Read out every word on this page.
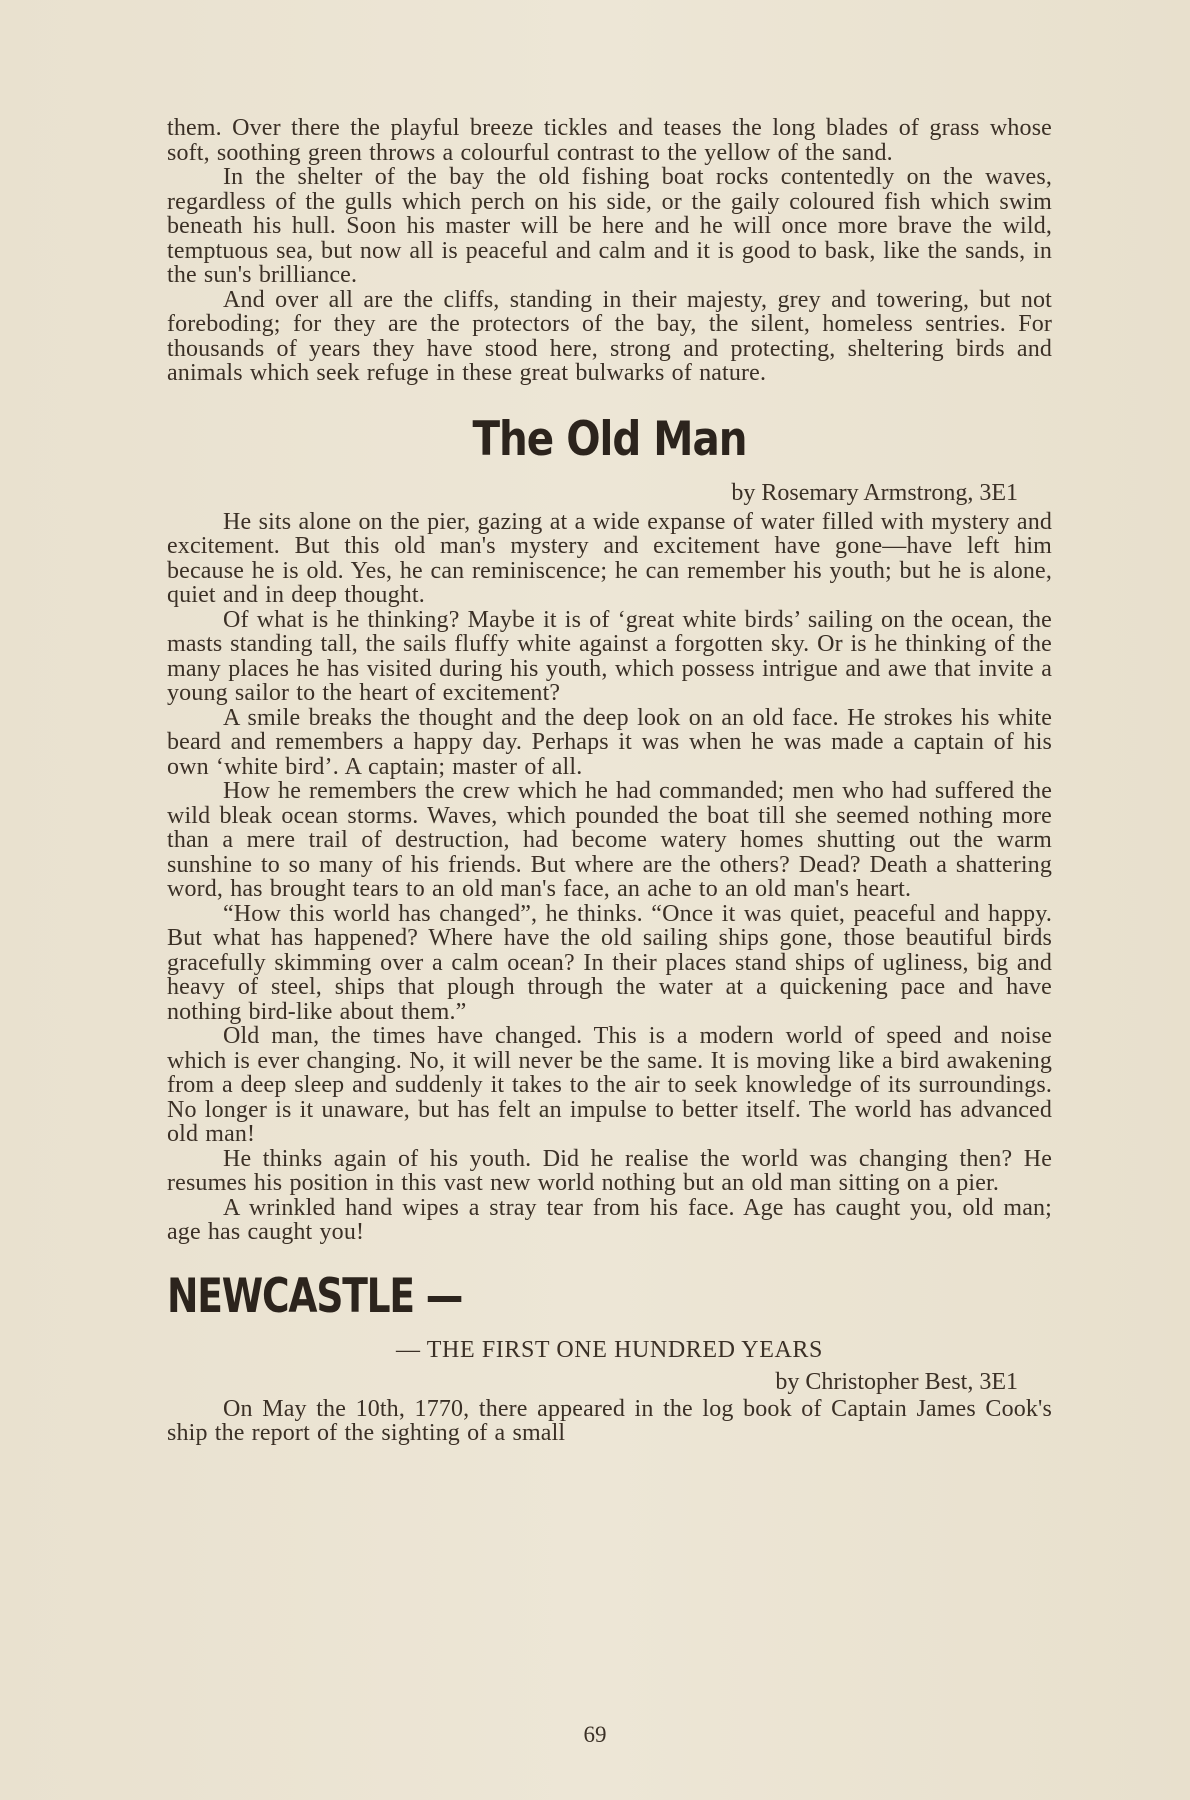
them. Over there the playful breeze tickles and teases the long blades of grass whose soft, soothing green throws a colourful contrast to the yellow of the sand.

In the shelter of the bay the old fishing boat rocks contentedly on the waves, regardless of the gulls which perch on his side, or the gaily coloured fish which swim beneath his hull. Soon his master will be here and he will once more brave the wild, temptuous sea, but now all is peaceful and calm and it is good to bask, like the sands, in the sun's brilliance.

And over all are the cliffs, standing in their majesty, grey and towering, but not foreboding; for they are the protectors of the bay, the silent, homeless sentries. For thousands of years they have stood here, strong and protecting, sheltering birds and animals which seek refuge in these great bulwarks of nature.

The Old Man
by Rosemary Armstrong, 3E1

He sits alone on the pier, gazing at a wide expanse of water filled with mystery and excitement. But this old man's mystery and excitement have gone—have left him because he is old. Yes, he can reminiscence; he can remember his youth; but he is alone, quiet and in deep thought.

Of what is he thinking? Maybe it is of ‘great white birds’ sailing on the ocean, the masts standing tall, the sails fluffy white against a forgotten sky. Or is he thinking of the many places he has visited during his youth, which possess intrigue and awe that invite a young sailor to the heart of excitement?

A smile breaks the thought and the deep look on an old face. He strokes his white beard and remembers a happy day. Perhaps it was when he was made a captain of his own ‘white bird’. A captain; master of all.

How he remembers the crew which he had commanded; men who had suffered the wild bleak ocean storms. Waves, which pounded the boat till she seemed nothing more than a mere trail of destruction, had become watery homes shutting out the warm sunshine to so many of his friends. But where are the others? Dead? Death a shattering word, has brought tears to an old man's face, an ache to an old man's heart.

“How this world has changed”, he thinks. “Once it was quiet, peaceful and happy. But what has happened? Where have the old sailing ships gone, those beautiful birds gracefully skimming over a calm ocean? In their places stand ships of ugliness, big and heavy of steel, ships that plough through the water at a quickening pace and have nothing bird-like about them.”

Old man, the times have changed. This is a modern world of speed and noise which is ever changing. No, it will never be the same. It is moving like a bird awakening from a deep sleep and suddenly it takes to the air to seek knowledge of its surroundings. No longer is it unaware, but has felt an impulse to better itself. The world has advanced old man!

He thinks again of his youth. Did he realise the world was changing then? He resumes his position in this vast new world nothing but an old man sitting on a pier.

A wrinkled hand wipes a stray tear from his face. Age has caught you, old man; age has caught you!

NEWCASTLE —
— THE FIRST ONE HUNDRED YEARS
by Christopher Best, 3E1

On May the 10th, 1770, there appeared in the log book of Captain James Cook's ship the report of the sighting of a small

69
